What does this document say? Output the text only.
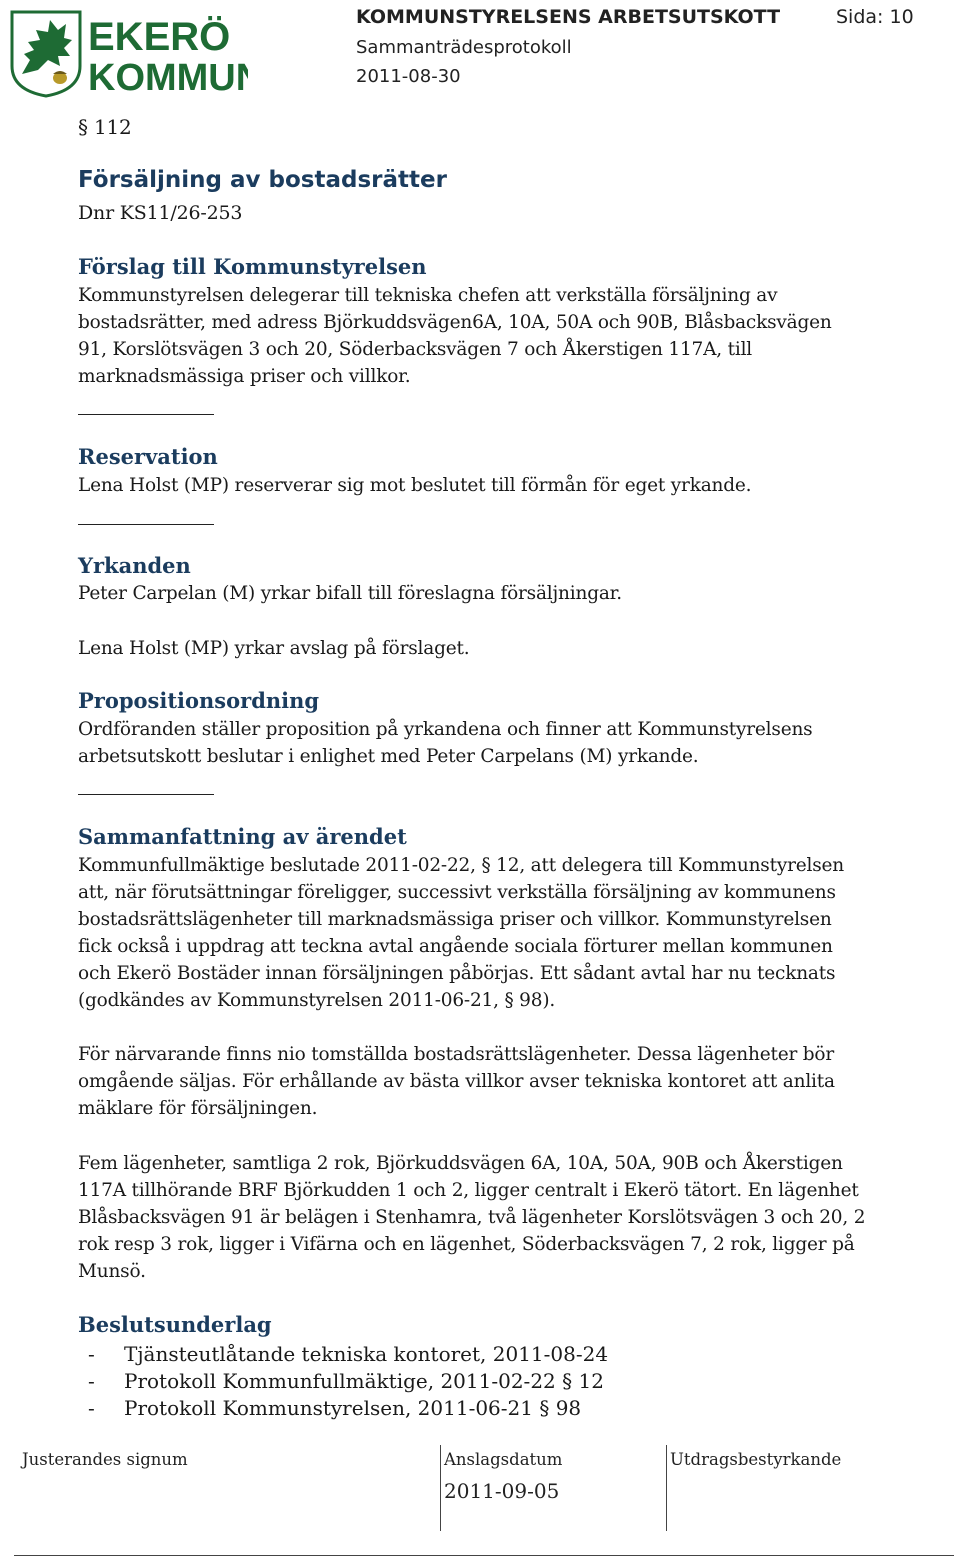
EKERÖ
KOMMUN
KOMMUNSTYRELSENS ARBETSUTSKOTT	Sida: 10
Sammanträdesprotokoll
2011-08-30
§ 112
Försäljning av bostadsrätter
Dnr KS11/26-253
Förslag till Kommunstyrelsen
Kommunstyrelsen delegerar till tekniska chefen att verkställa försäljning av
bostadsrätter, med adress Björkuddsvägen6A, 10A, 50A och 90B, Blåsbacksvägen
91, Korslötsvägen 3 och 20, Söderbacksvägen 7 och Åkerstigen 117A, till
marknadsmässiga priser och villkor.
Reservation
Lena Holst (MP) reserverar sig mot beslutet till förmån för eget yrkande.
Yrkanden
Peter Carpelan (M) yrkar bifall till föreslagna försäljningar.
Lena Holst (MP) yrkar avslag på förslaget.
Propositionsordning
Ordföranden ställer proposition på yrkandena och finner att Kommunstyrelsens
arbetsutskott beslutar i enlighet med Peter Carpelans (M) yrkande.
Sammanfattning av ärendet
Kommunfullmäktige beslutade 2011-02-22, § 12, att delegera till Kommunstyrelsen
att, när förutsättningar föreligger, successivt verkställa försäljning av kommunens
bostadsrättslägenheter till marknadsmässiga priser och villkor. Kommunstyrelsen
fick också i uppdrag att teckna avtal angående sociala förturer mellan kommunen
och Ekerö Bostäder innan försäljningen påbörjas. Ett sådant avtal har nu tecknats
(godkändes av Kommunstyrelsen 2011-06-21, § 98).
För närvarande finns nio tomställda bostadsrättslägenheter. Dessa lägenheter bör
omgående säljas. För erhållande av bästa villkor avser tekniska kontoret att anlita
mäklare för försäljningen.
Fem lägenheter, samtliga 2 rok, Björkuddsvägen 6A, 10A, 50A, 90B och Åkerstigen
117A tillhörande BRF Björkudden 1 och 2, ligger centralt i Ekerö tätort. En lägenhet
Blåsbacksvägen 91 är belägen i Stenhamra, två lägenheter Korslötsvägen 3 och 20, 2
rok resp 3 rok, ligger i Vifärna och en lägenhet, Söderbacksvägen 7, 2 rok, ligger på
Munsö.
Beslutsunderlag
- Tjänsteutlåtande tekniska kontoret, 2011-08-24
- Protokoll Kommunfullmäktige, 2011-02-22 § 12
- Protokoll Kommunstyrelsen, 2011-06-21 § 98
Justerandes signum	Anslagsdatum	Utdragsbestyrkande
2011-09-05
